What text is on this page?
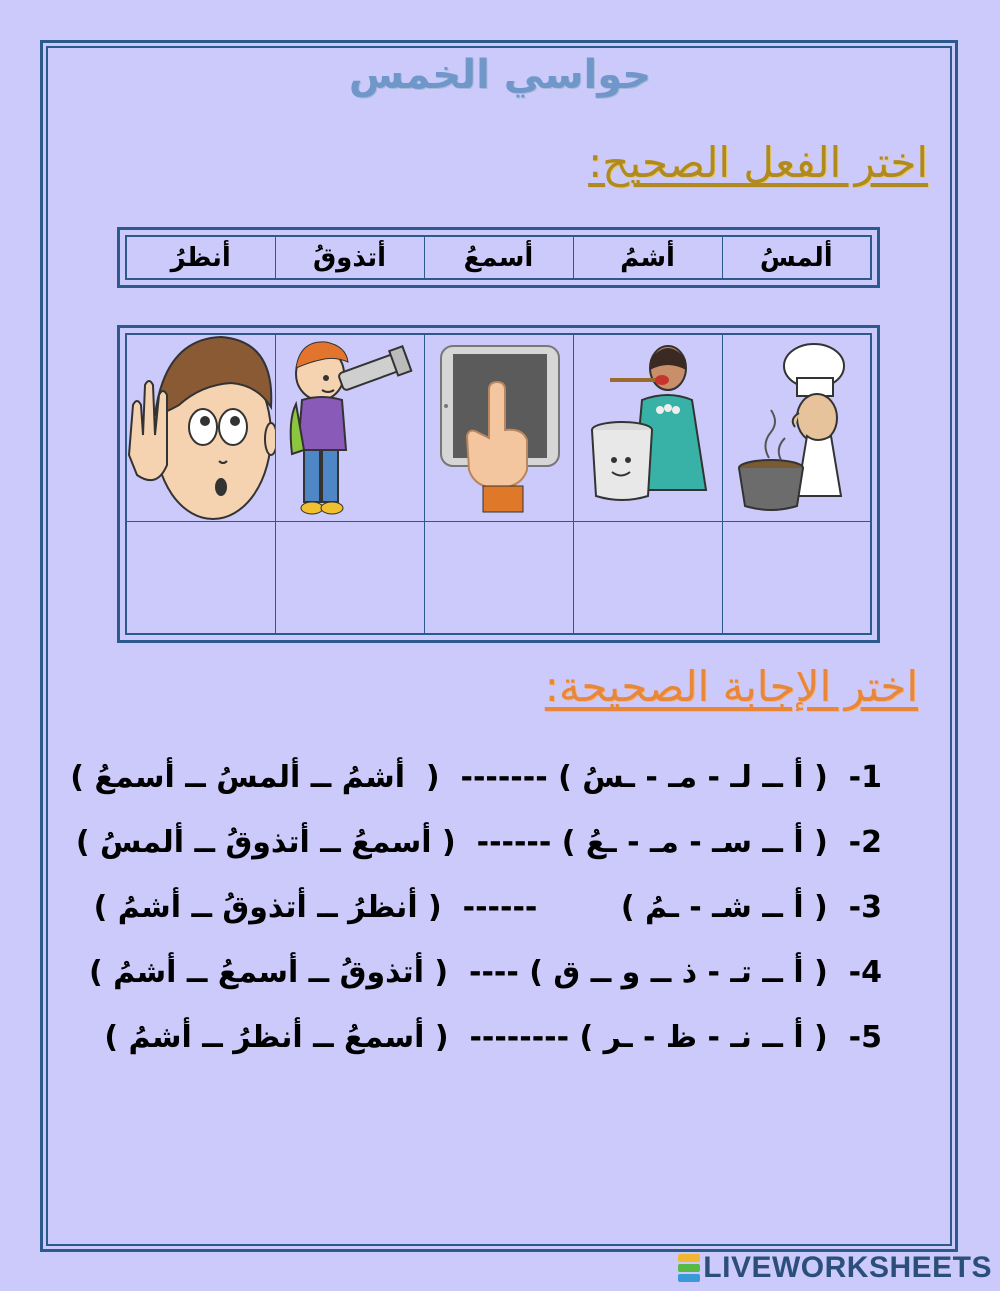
حواسي الخمس
اختر الفعل الصحيح:
ألمسُ	أشمُ	أسمعُ	أتذوقُ	أنظرُ

اختر الإجابة الصحيحة:
1-  ( أ ــ لـ - مـ - ـسُ ) -------  (  أشمُ ــ ألمسُ ــ أسمعُ )
2-  ( أ ــ سـ - مـ - ـعُ ) ------  ( أسمعُ ــ أتذوقُ ــ ألمسُ )
3-  ( أ ــ شـ - ـمُ )        ------  ( أنظرُ ــ أتذوقُ ــ أشمُ )
4-  ( أ ــ تـ - ذ ــ و ــ ق ) ----  ( أتذوقُ ــ أسمعُ ــ أشمُ )
5-  ( أ ــ نـ - ظ - ـر ) --------  ( أسمعُ ــ أنظرُ ــ أشمُ )
LIVEWORKSHEETS
